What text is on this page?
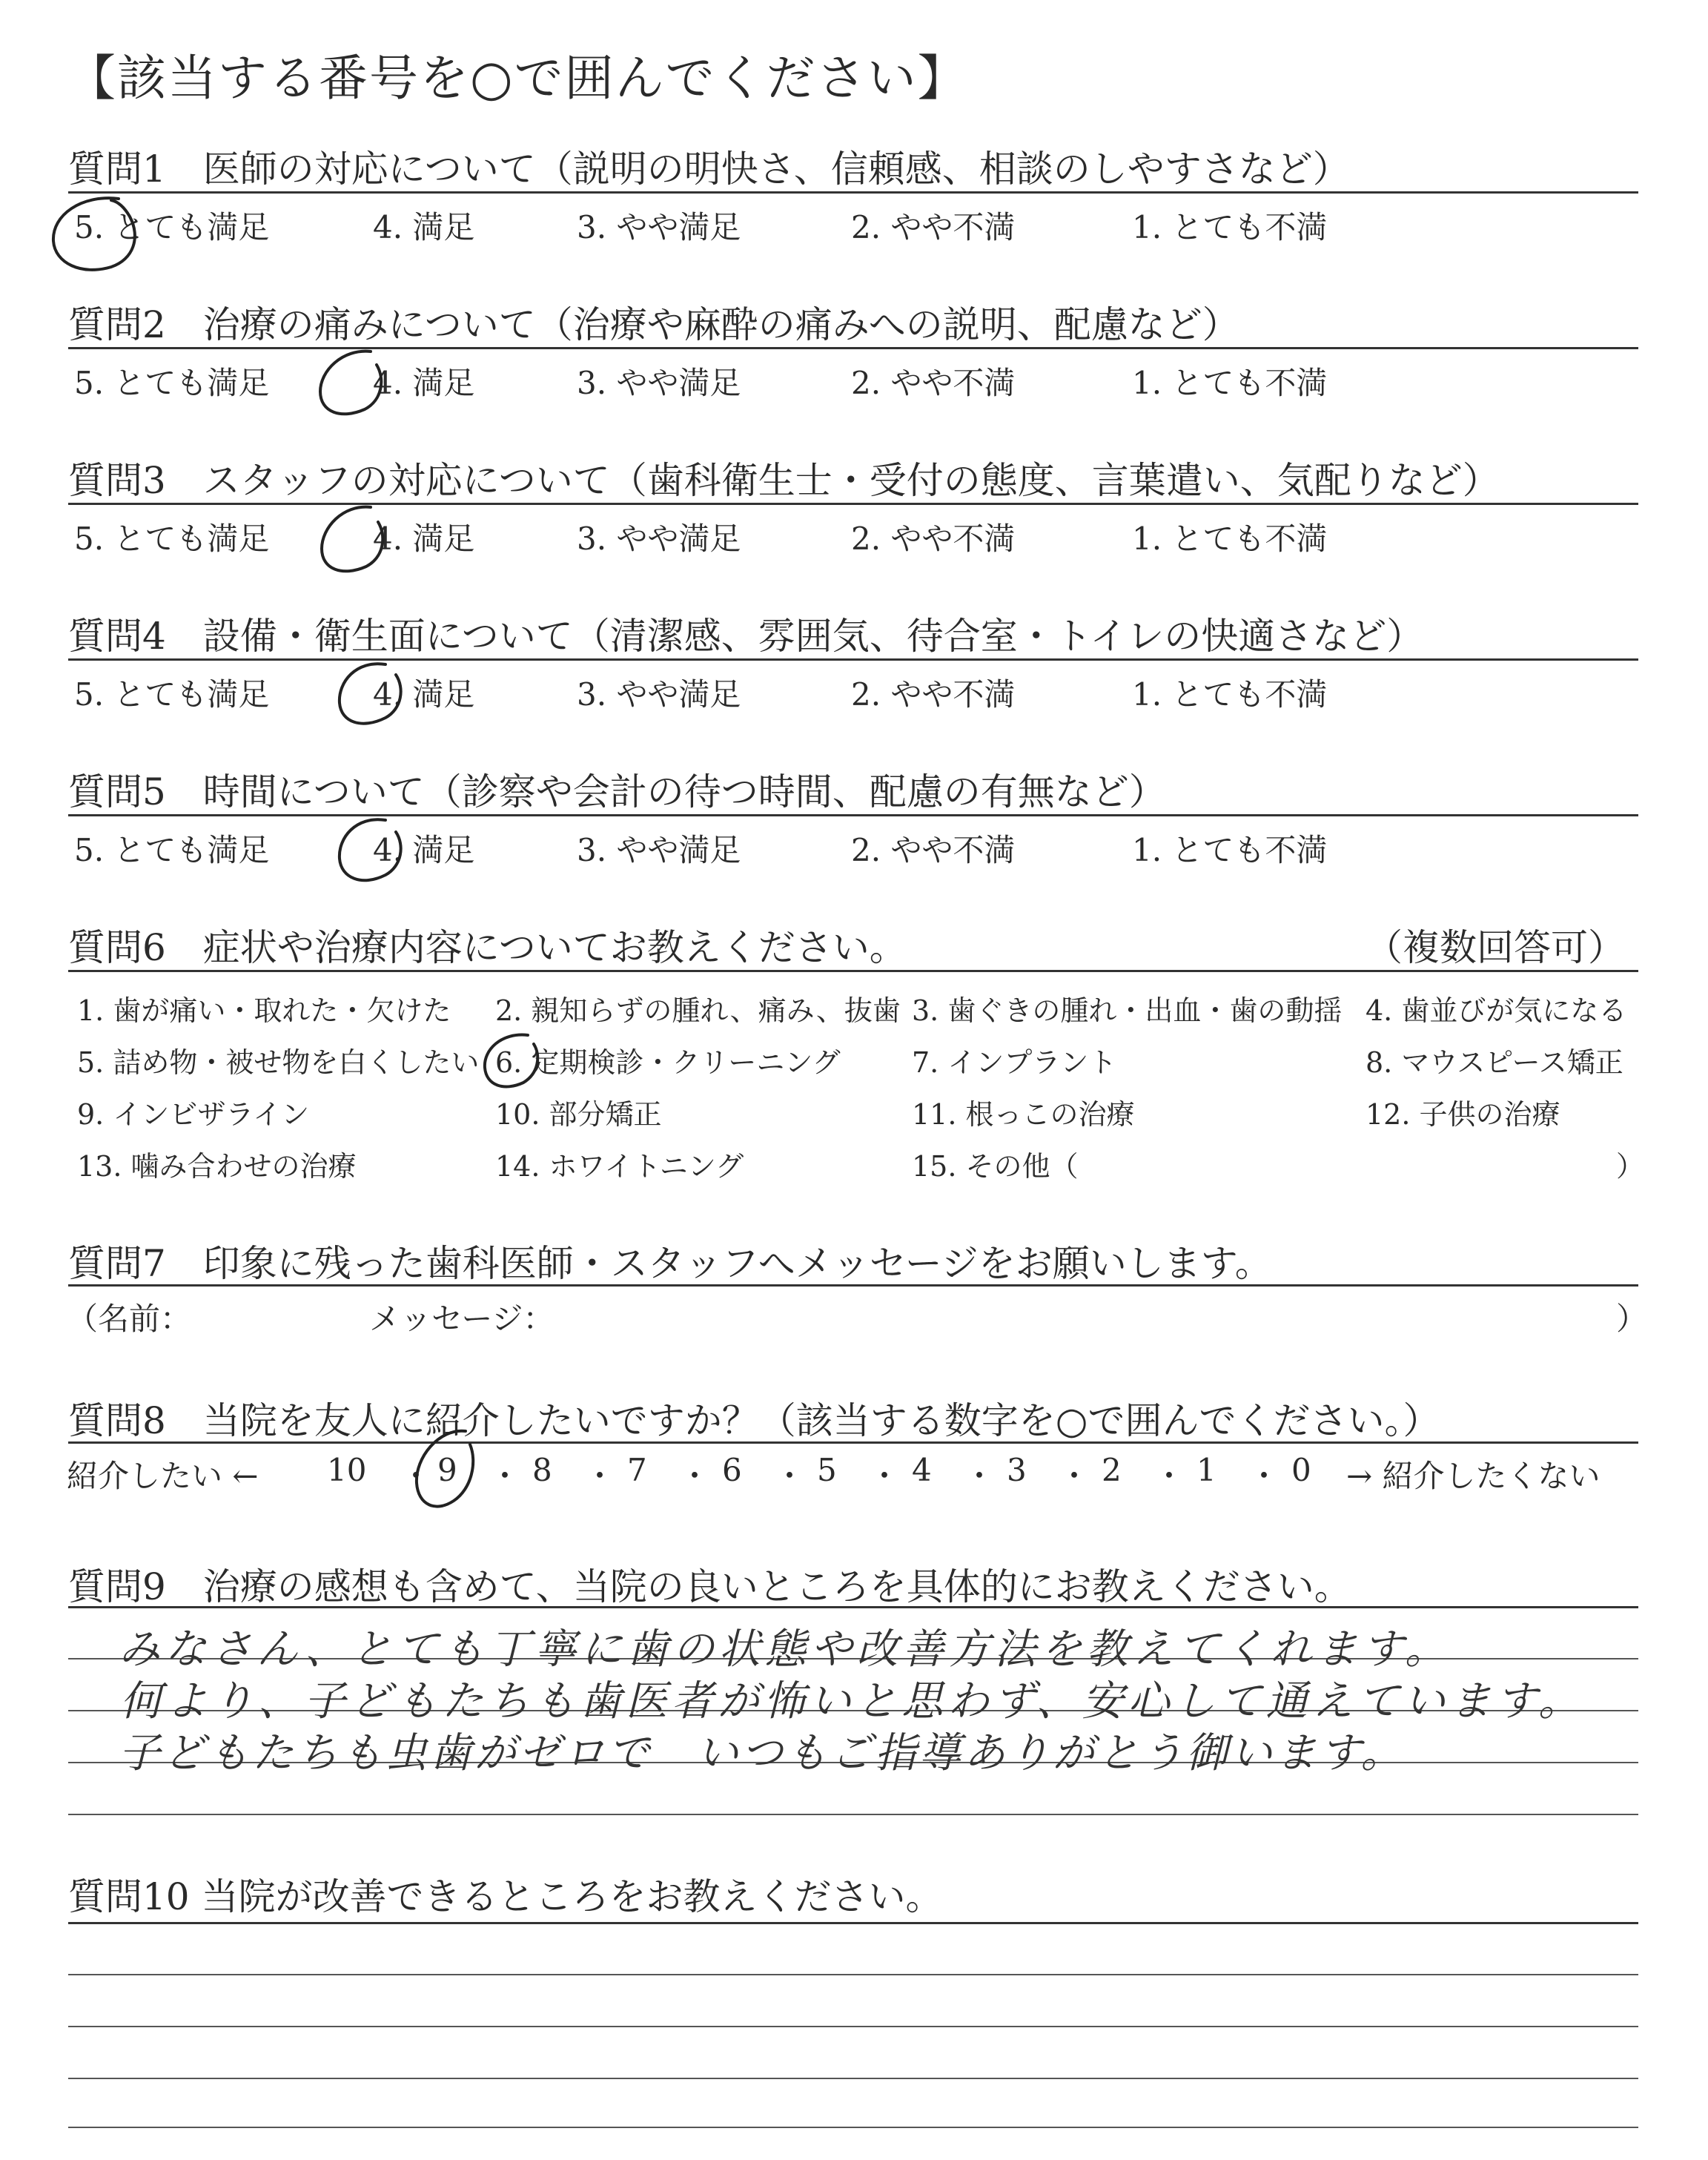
【該当する番号を○で囲んでください】
質問1　医師の対応について（説明の明快さ、信頼感、相談のしやすさなど）
5. とても満足	4. 満足	3. やや満足	2. やや不満	1. とても不満
質問2　治療の痛みについて（治療や麻酔の痛みへの説明、配慮など）
5. とても満足	4. 満足	3. やや満足	2. やや不満	1. とても不満
質問3　スタッフの対応について（歯科衛生士・受付の態度、言葉遣い、気配りなど）
5. とても満足	4. 満足	3. やや満足	2. やや不満	1. とても不満
質問4　設備・衛生面について（清潔感、雰囲気、待合室・トイレの快適さなど）
5. とても満足	4. 満足	3. やや満足	2. やや不満	1. とても不満
質問5　時間について（診察や会計の待つ時間、配慮の有無など）
5. とても満足	4. 満足	3. やや満足	2. やや不満	1. とても不満
質問6　症状や治療内容についてお教えください。	（複数回答可）
1. 歯が痛い・取れた・欠けた 2. 親知らずの腫れ、痛み、抜歯 3. 歯ぐきの腫れ・出血・歯の動揺 4. 歯並びが気になる
5. 詰め物・被せ物を白くしたい 6. 定期検診・クリーニング	7. インプラント	8. マウスピース矯正
9. インビザライン	10. 部分矯正	11. 根っこの治療	12. 子供の治療
13. 噛み合わせの治療	14. ホワイトニング	15. その他（	）
質問7　印象に残った歯科医師・スタッフへメッセージをお願いします。
（名前：	メッセージ：	）
質問8　当院を友人に紹介したいですか？（該当する数字を○で囲んでください。）
紹介したい ← 10 9 8 7 6 5 4 3 2 1 0 → 紹介したくない
・ ・ ・ ・ ・ ・ ・ ・ ・ ・
質問9　治療の感想も含めて、当院の良いところを具体的にお教えください。
みなさん、とても丁寧に歯の状態や改善方法を教えてくれます。
何より、子どもたちも歯医者が怖いと思わず、安心して通えています。
子どもたちも虫歯がゼロで　いつもご指導ありがとう御います。
質問10 当院が改善できるところをお教えください。
